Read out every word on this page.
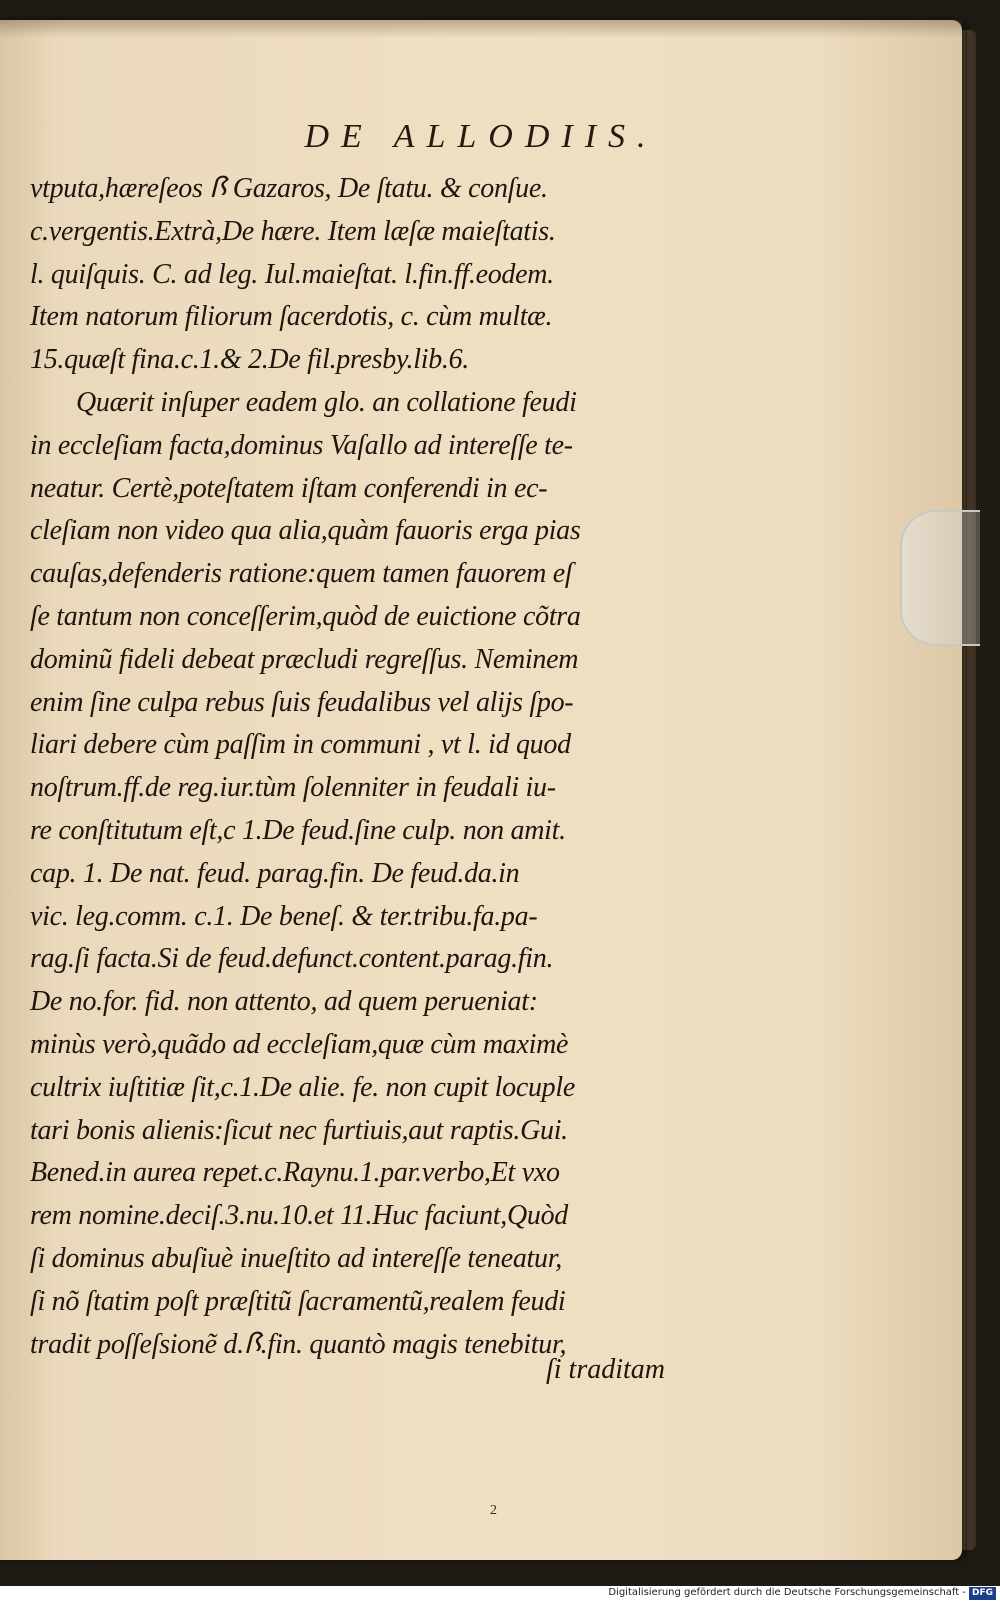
DE ALLODIIS.
vtputa,hæreſeos ꟗ Gazaros, De ſtatu. & conſue.
c.vergentis.Extrà,De hære. Item læſæ maieſtatis.
l. quiſquis. C. ad leg. Iul.maieſtat. l.fin.ff.eodem.
Item natorum filiorum ſacerdotis, c. cùm multæ.
15.quæſt fina.c.1.& 2.De fil.presby.lib.6.
Quærit inſuper eadem glo. an collatione feudi
in eccleſiam facta,dominus Vaſallo ad intereſſe te-
neatur. Certè,poteſtatem iſtam conferendi in ec-
cleſiam non video qua alia,quàm fauoris erga pias
cauſas,defenderis ratione:quem tamen fauorem eſ
ſe tantum non conceſſerim,quòd de euictione cõtra
dominũ fideli debeat præcludi regreſſus. Neminem
enim ſine culpa rebus ſuis feudalibus vel alijs ſpo-
liari debere cùm paſſim in communi , vt l. id quod
noſtrum.ff.de reg.iur.tùm ſolenniter in feudali iu-
re conſtitutum eſt,c 1.De feud.ſine culp. non amit.
cap. 1. De nat. feud. parag.fin. De feud.da.in
vic. leg.comm. c.1. De beneſ. & ter.tribu.fa.pa-
rag.ſi facta.Si de feud.defunct.content.parag.fin.
De no.for. fid. non attento, ad quem perueniat:
minùs verò,quãdo ad eccleſiam,quæ cùm maximè
cultrix iuſtitiæ ſit,c.1.De alie. fe. non cupit locuple
tari bonis alienis:ſicut nec furtiuis,aut raptis.Gui.
Bened.in aurea repet.c.Raynu.1.par.verbo,Et vxo
rem nomine.deciſ.3.nu.10.et 11.Huc faciunt,Quòd
ſi dominus abuſiuè inueſtito ad intereſſe teneatur,
ſi nõ ſtatim poſt præſtitũ ſacramentũ,realem feudi
tradit poſſeſsionẽ d.ꟗ.fin. quantò magis tenebitur,
ſi traditam
2
Digitalisierung gefördert durch die Deutsche Forschungsgemeinschaft - DFG
